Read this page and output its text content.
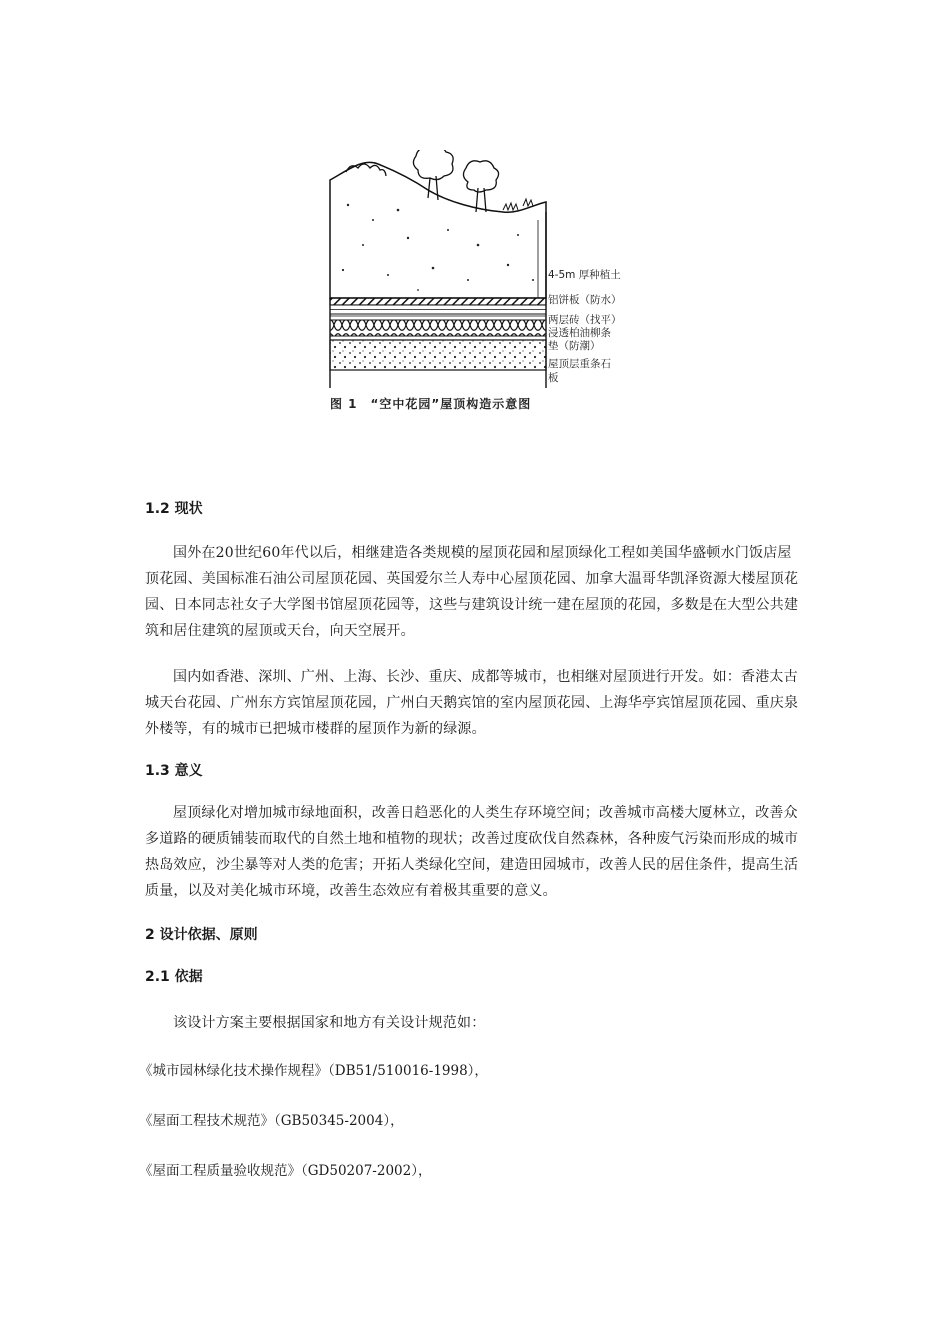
4-5m 厚种植土
铝饼板（防水）
两层砖（找平）
浸透柏油柳条
垫（防潮）
屋顶层重条石
板
图 1　“空中花园”屋顶构造示意图

1.2 现状

国外在20世纪60年代以后，相继建造各类规模的屋顶花园和屋顶绿化工程如美国华盛顿水门饭店屋顶花园、美国标准石油公司屋顶花园、英国爱尔兰人寿中心屋顶花园、加拿大温哥华凯泽资源大楼屋顶花园、日本同志社女子大学图书馆屋顶花园等，这些与建筑设计统一建在屋顶的花园，多数是在大型公共建筑和居住建筑的屋顶或天台，向天空展开。

国内如香港、深圳、广州、上海、长沙、重庆、成都等城市，也相继对屋顶进行开发。如：香港太古城天台花园、广州东方宾馆屋顶花园，广州白天鹅宾馆的室内屋顶花园、上海华亭宾馆屋顶花园、重庆泉外楼等，有的城市已把城市楼群的屋顶作为新的绿源。

1.3 意义

屋顶绿化对增加城市绿地面积，改善日趋恶化的人类生存环境空间；改善城市高楼大厦林立，改善众多道路的硬质铺装而取代的自然土地和植物的现状；改善过度砍伐自然森林，各种废气污染而形成的城市热岛效应，沙尘暴等对人类的危害；开拓人类绿化空间，建造田园城市，改善人民的居住条件，提高生活质量，以及对美化城市环境，改善生态效应有着极其重要的意义。

2 设计依据、原则

2.1 依据

该设计方案主要根据国家和地方有关设计规范如：

《城市园林绿化技术操作规程》（DB51/510016-1998），

《屋面工程技术规范》（GB50345-2004），

《屋面工程质量验收规范》（GD50207-2002），
